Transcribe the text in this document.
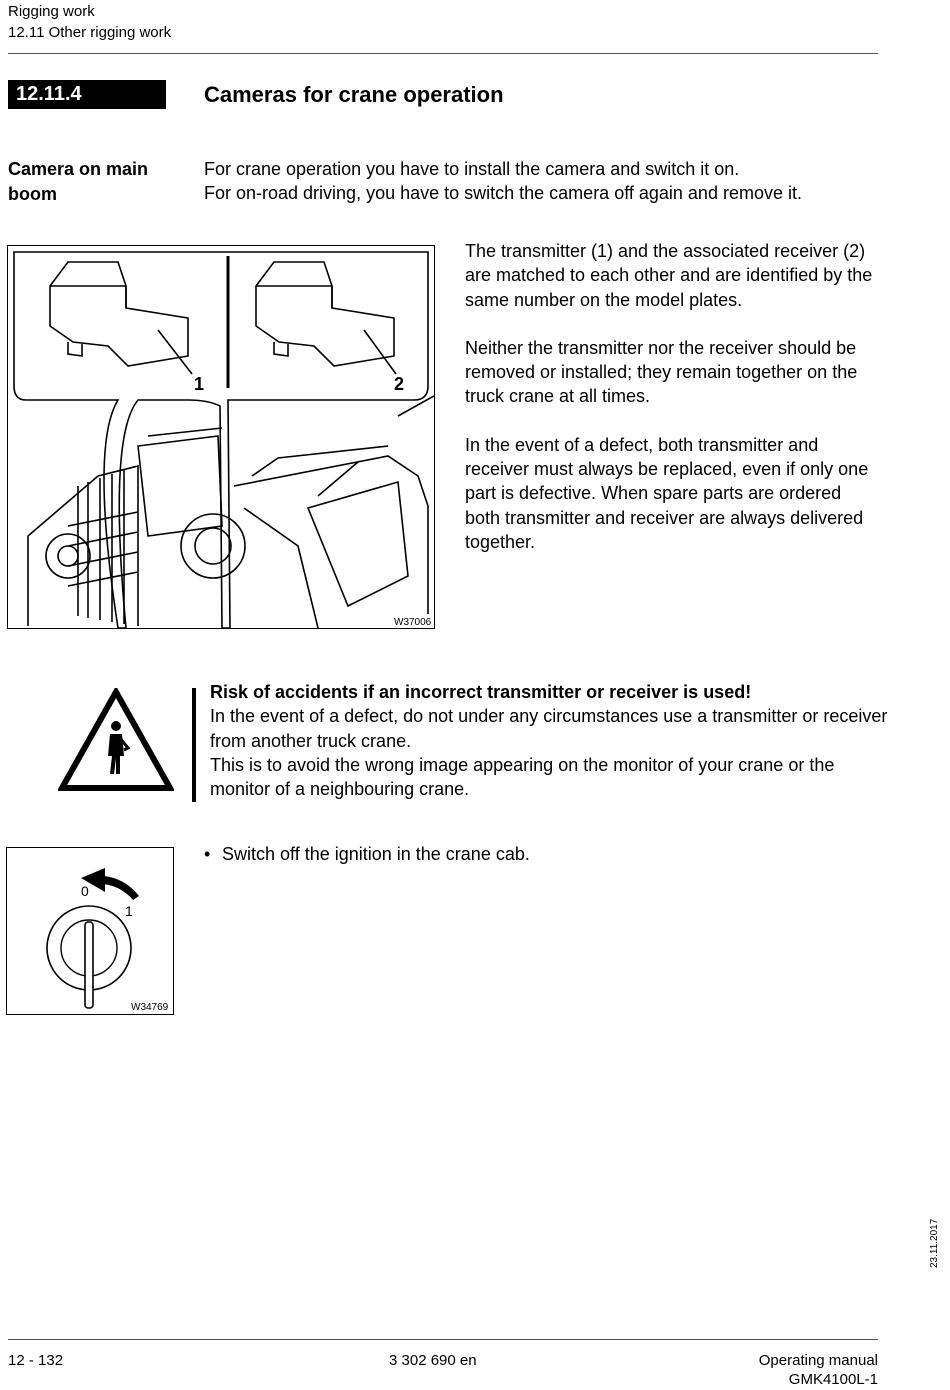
Rigging work
12.11 Other rigging work
12.11.4	Cameras for crane operation
Camera on main boom
For crane operation you have to install the camera and switch it on.
For on-road driving, you have to switch the camera off again and remove it.
1	2
W37006

The transmitter (1) and the associated receiver (2) are matched to each other and are identified by the same number on the model plates.

Neither the transmitter nor the receiver should be removed or installed; they remain together on the truck crane at all times.

In the event of a defect, both transmitter and receiver must always be replaced, even if only one part is defective. When spare parts are ordered both transmitter and receiver are always delivered together.

Risk of accidents if an incorrect transmitter or receiver is used!
In the event of a defect, do not under any circumstances use a transmitter or receiver from another truck crane.
This is to avoid the wrong image appearing on the monitor of your crane or the monitor of a neighbouring crane.
0
1
W34769
• Switch off the ignition in the crane cab.
23.11.2017
12 - 132	3 302 690 en	Operating manual
GMK4100L-1
